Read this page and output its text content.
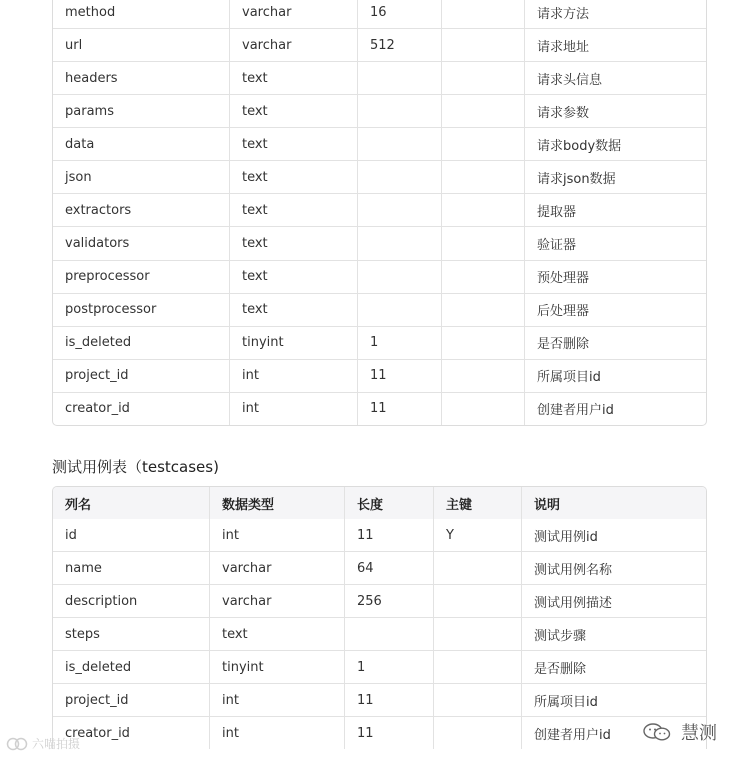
method	varchar	16		请求方法
url	varchar	512		请求地址
headers	text			请求头信息
params	text			请求参数
data	text			请求body数据
json	text			请求json数据
extractors	text			提取器
validators	text			验证器
preprocessor	text			预处理器
postprocessor	text			后处理器
is_deleted	tinyint	1		是否删除
project_id	int	11		所属项目id
creator_id	int	11		创建者用户id
测试用例表（testcases)
列名	数据类型	长度	主键	说明
id	int	11	Y	测试用例id
name	varchar	64		测试用例名称
description	varchar	256		测试用例描述
steps	text			测试步骤
is_deleted	tinyint	1		是否删除
project_id	int	11		所属项目id
creator_id	int	11		创建者用户id
六喵拍摄	慧测
